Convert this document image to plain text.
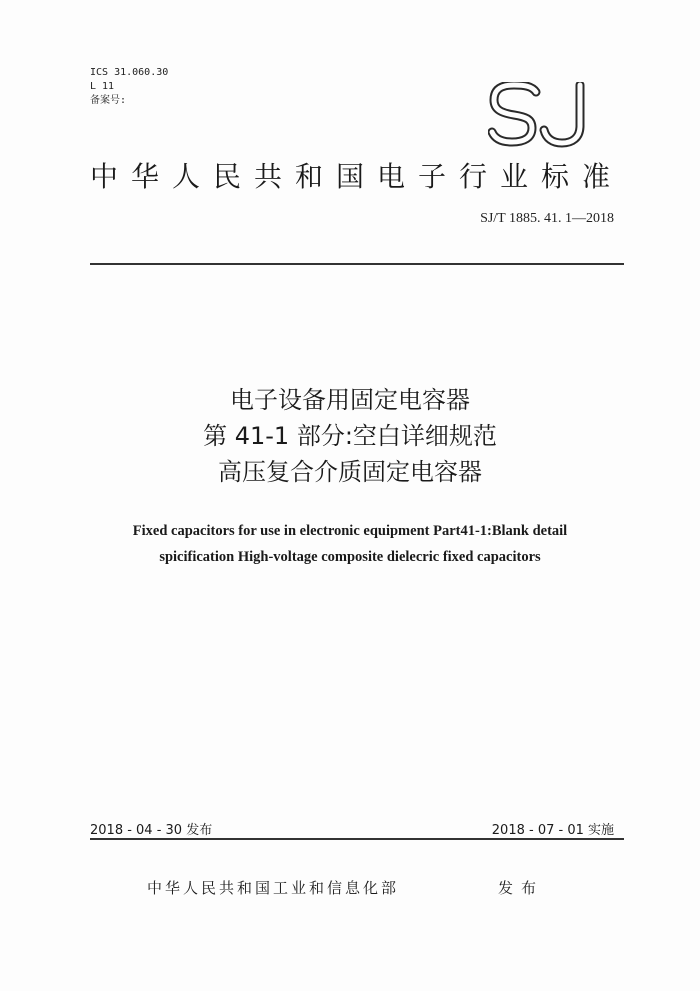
ICS 31.060.30
L 11
备案号:
中华人民共和国电子行业标准
SJ/T 1885. 41. 1—2018
电子设备用固定电容器
第 41-1 部分:空白详细规范
高压复合介质固定电容器
Fixed capacitors for use in electronic equipment Part41-1:Blank detail
spicification High-voltage composite dielecric fixed capacitors
2018 - 04 - 30 发布	2018 - 07 - 01 实施
中华人民共和国工业和信息化部	发布
